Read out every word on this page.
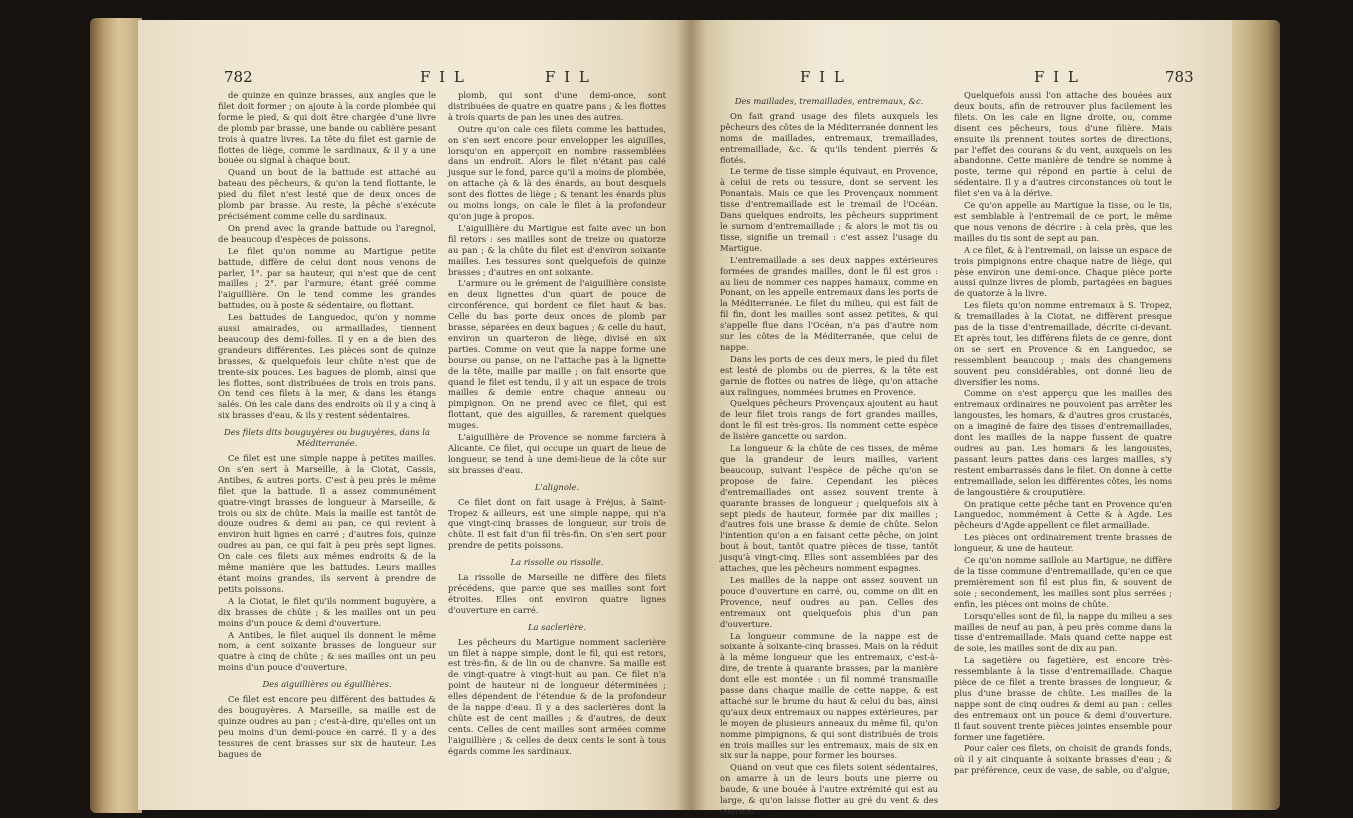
782	F I L	F I L

de quinze en quinze brasses, aux angles que le filet doit former ; on ajoute à la corde plombée qui forme le pied, & qui doit être chargée d'une livre de plomb par brasse, une bande ou cablière pesant trois à quatre livres. La tête du filet est garnie de flottes de liège, comme le sardinaux, & il y a une bouée ou signal à chaque bout.

Quand un bout de la battude est attaché au bateau des pêcheurs, & qu'on la tend flottante, le pied du filet n'est lesté que de deux onces de plomb par brasse. Au reste, la pêche s'exécute précisément comme celle du sardinaux.

On prend avec la grande battude ou l'aregnol, de beaucoup d'espèces de poissons.

Le filet qu'on nomme au Martigue petite battude, diffère de celui dont nous venons de parler, 1°. par sa hauteur, qui n'est que de cent mailles ; 2°. par l'armure, étant gréé comme l'aiguillière. On le tend comme les grandes battudes, ou à poste & sédentaire, ou flottant.

Les battudes de Languedoc, qu'on y nomme aussi amairades, ou armaillades, tiennent beaucoup des demi-folles. Il y en a de bien des grandeurs différentes. Les pièces sont de quinze brasses, & quelquefois leur chûte n'est que de trente-six pouces. Les bagues de plomb, ainsi que les flottes, sont distribuées de trois en trois pans. On tend ces filets à la mer, & dans les étangs salés. On les cale dans des endroits où il y a cinq à six brasses d'eau, & ils y restent sédentaires.

Des filets dits bouguyères ou buguyères, dans la Méditerranée.

Ce filet est une simple nappe à petites mailles. On s'en sert à Marseille, à la Ciotat, Cassis, Antibes, & autres ports. C'est à peu près le même filet que la battude. Il a assez communément quatre-vingt brasses de longueur à Marseille, & trois ou six de chûte. Mais la maille est tantôt de douze oudres & demi au pan, ce qui revient à environ huit lignes en carré ; d'autres fois, quinze oudres au pan, ce qui fait à peu près sept lignes. On cale ces filets aux mêmes endroits & de la même manière que les battudes. Leurs mailles étant moins grandes, ils servent à prendre de petits poissons.

A la Ciotat, le filet qu'ils nomment buguyère, a dix brasses de chûte ; & les mailles ont un peu moins d'un pouce & demi d'ouverture.

A Antibes, le filet auquel ils donnent le même nom, a cent soixante brasses de longueur sur quatre à cinq de chûte ; & ses mailles ont un peu moins d'un pouce d'ouverture.

Des aiguillières ou éguillières.

Ce filet est encore peu différent des battudes & des bouguyères. A Marseille, sa maille est de quinze oudres au pan ; c'est-à-dire, qu'elles ont un peu moins d'un demi-pouce en carré. Il y a des tessures de cent brasses sur six de hauteur. Les bagues de

plomb, qui sont d'une demi-once, sont distribuées de quatre en quatre pans ; & les flottes à trois quarts de pan les unes des autres.

Outre qu'on cale ces filets comme les battudes, on s'en sert encore pour envelopper les aiguilles, lorsqu'on en apperçoit en nombre rassemblées dans un endroit. Alors le filet n'étant pas calé jusque sur le fond, parce qu'il a moins de plombée, on attache çà & là des énards, au bout desquels sont des flottes de liège ; & tenant les énards plus ou moins longs, on cale le filet à la profondeur qu'on juge à propos.

L'aiguillière du Martigue est faite avec un bon fil retors : ses mailles sont de treize ou quatorze au pan ; & la chûte du filet est d'environ soixante mailles. Les tessures sont quelquefois de quinze brasses ; d'autres en ont soixante.

L'armure ou le grément de l'aiguillière consiste en deux lignettes d'un quart de pouce de circonférence, qui bordent ce filet haut & bas. Celle du bas porte deux onces de plomb par brasse, séparées en deux bagues ; & celle du haut, environ un quarteron de liège, divisé en six parties. Comme on veut que la nappe forme une bourse ou panse, on ne l'attache pas à la lignette de la tête, maille par maille ; on fait ensorte que quand le filet est tendu, il y ait un espace de trois mailles & demie entre chaque anneau ou pimpignon. On ne prend avec ce filet, qui est flottant, que des aiguilles, & rarement quelques muges.

L'aiguillière de Provence se nomme farciera à Alicante. Ce filet, qui occupe un quart de lieue de longueur, se tend à une demi-lieue de la côte sur six brasses d'eau.

L'alignole.

Ce filet dont on fait usage à Fréjus, à Saint-Tropez & ailleurs, est une simple nappe, qui n'a que vingt-cinq brasses de longueur, sur trois de chûte. Il est fait d'un fil très-fin. On s'en sert pour prendre de petits poissons.

La rissolle ou rissolle.

La rissolle de Marseille ne diffère des filets précédens, que parce que ses mailles sont fort étroites. Elles ont environ quatre lignes d'ouverture en carré.

La saclerière.

Les pêcheurs du Martigue nomment saclerière un filet à nappe simple, dont le fil, qui est retors, est très-fin, & de lin ou de chanvre. Sa maille est de vingt-quatre à vingt-huit au pan. Ce filet n'a point de hauteur ni de longueur déterminées ; elles dépendent de l'étendue & de la profondeur de la nappe d'eau. Il y a des saclerières dont la chûte est de cent mailles ; & d'autres, de deux cents. Celles de cent mailles sont armées comme l'aiguillière ; & celles de deux cents le sont à tous égards comme les sardinaux.

F I L	F I L	783

Des maillades, tremaillades, entremaux, &c.

On fait grand usage des filets auxquels les pêcheurs des côtes de la Méditerranée donnent les noms de maillades, entremaux, tremaillades, entremaillade, &c. & qu'ils tendent pierrés & flotés.

Le terme de tisse simple équivaut, en Provence, à celui de rets ou tessure, dont se servent les Ponantais. Mais ce que les Provençaux nomment tisse d'entremaillade est le tremail de l'Océan. Dans quelques endroits, les pêcheurs suppriment le surnom d'entremaillade ; & alors le mot tis ou tisse, signifie un tremail : c'est assez l'usage du Martigue.

L'entremaillade a ses deux nappes extérieures formées de grandes mailles, dont le fil est gros : au lieu de nommer ces nappes hamaux, comme en Ponant, on les appelle entremaux dans les ports de la Méditerranée. Le filet du milieu, qui est fait de fil fin, dont les mailles sont assez petites, & qui s'appelle flue dans l'Océan, n'a pas d'autre nom sur les côtes de la Méditerranée, que celui de nappe.

Dans les ports de ces deux mers, le pied du filet est lesté de plombs ou de pierres, & la tête est garnie de flottes ou natres de liège, qu'on attache aux ralingues, nommées brumes en Provence.

Quelques pêcheurs Provençaux ajoutent au haut de leur filet trois rangs de fort grandes mailles, dont le fil est très-gros. Ils nomment cette espèce de lisière gancette ou sardon.

La longueur & la chûte de ces tisses, de même que la grandeur de leurs mailles, varient beaucoup, suivant l'espèce de pêche qu'on se propose de faire. Cependant les pièces d'entremaillades ont assez souvent trente à quarante brasses de longueur ; quelquefois six à sept pieds de hauteur, formée par dix mailles ; d'autres fois une brasse & demie de chûte. Selon l'intention qu'on a en faisant cette pêche, on joint bout à bout, tantôt quatre pièces de tisse, tantôt jusqu'à vingt-cinq. Elles sont assemblées par des attaches, que les pêcheurs nomment espagnes.

Les mailles de la nappe ont assez souvent un pouce d'ouverture en carré, ou, comme on dit en Provence, neuf oudres au pan. Celles des entremaux ont quelquefois plus d'un pan d'ouverture.

La longueur commune de la nappe est de soixante à soixante-cinq brasses. Mais on la réduit à la même longueur que les entremaux, c'est-à-dire, de trente à quarante brasses, par la manière dont elle est montée : un fil nommé transmaille passe dans chaque maille de cette nappe, & est attaché sur le brume du haut & celui du bas, ainsi qu'aux deux entremaux ou nappes extérieures, par le moyen de plusieurs anneaux du même fil, qu'on nomme pimpignons, & qui sont distribués de trois en trois mailles sur les entremaux, mais de six en six sur la nappe, pour former les bourses.

Quand on veut que ces filets soient sédentaires, on amarre à un de leurs bouts une pierre ou baude, & une bouée à l'autre extrémité qui est au large, & qu'on laisse flotter au gré du vent & des courans.

Quelquefois aussi l'on attache des bouées aux deux bouts, afin de retrouver plus facilement les filets. On les cale en ligne droite, ou, comme disent ces pêcheurs, tous d'une filière. Mais ensuite ils prennent toutes sortes de directions, par l'effet des courans & du vent, auxquels on les abandonne. Cette manière de tendre se nomme à poste, terme qui répond en partie à celui de sédentaire. Il y a d'autres circonstances où tout le filet s'en va à la dérive.

Ce qu'on appelle au Martigue la tisse, ou le tis, est semblable à l'entremail de ce port, le même que nous venons de décrire : à cela près, que les mailles du tis sont de sept au pan.

A ce filet, & à l'entremail, on laisse un espace de trois pimpignons entre chaque natre de liège, qui pèse environ une demi-once. Chaque pièce porte aussi quinze livres de plomb, partagées en bagues de quatorze à la livre.

Les filets qu'on nomme entremaux à S. Tropez, & tremaillades à la Ciotat, ne diffèrent presque pas de la tisse d'entremaillade, décrite ci-devant. Et après tout, les différens filets de ce genre, dont on se sert en Provence & en Languedoc, se ressemblent beaucoup ; mais des changemens souvent peu considérables, ont donné lieu de diversifier les noms.

Comme on s'est apperçu que les mailles des entremaux ordinaires ne pouvoient pas arrêter les langoustes, les homars, & d'autres gros crustacés, on a imaginé de faire des tisses d'entremaillades, dont les mailles de la nappe fussent de quatre oudres au pan. Les homars & les langoustes, passant leurs pattes dans ces larges mailles, s'y restent embarrassés dans le filet. On donne à cette entremaillade, selon les différentes côtes, les noms de langoustière & crouputière.

On pratique cette pêche tant en Provence qu'en Languedoc, nommément à Cette & à Agde. Les pêcheurs d'Agde appellent ce filet armaillade.

Les pièces ont ordinairement trente brasses de longueur, & une de hauteur.

Ce qu'on nomme saillole au Martigue, ne diffère de la tisse commune d'entremaillade, qu'en ce que premièrement son fil est plus fin, & souvent de soie ; secondement, les mailles sont plus serrées ; enfin, les pièces ont moins de chûte.

Lorsqu'elles sont de fil, la nappe du milieu a ses mailles de neuf au pan, à peu près comme dans la tisse d'entremaillade. Mais quand cette nappe est de soie, les mailles sont de dix au pan.

La sagetière ou fagetière, est encore très-ressemblante à la tisse d'entremaillade. Chaque pièce de ce filet a trente brasses de longueur, & plus d'une brasse de chûte. Les mailles de la nappe sont de cinq oudres & demi au pan : celles des entremaux ont un pouce & demi d'ouverture. Il faut souvent trente pièces jointes ensemble pour former une fagetière.

Pour caler ces filets, on choisit de grands fonds, où il y ait cinquante à soixante brasses d'eau ; & par préférence, ceux de vase, de sable, ou d'algue,
